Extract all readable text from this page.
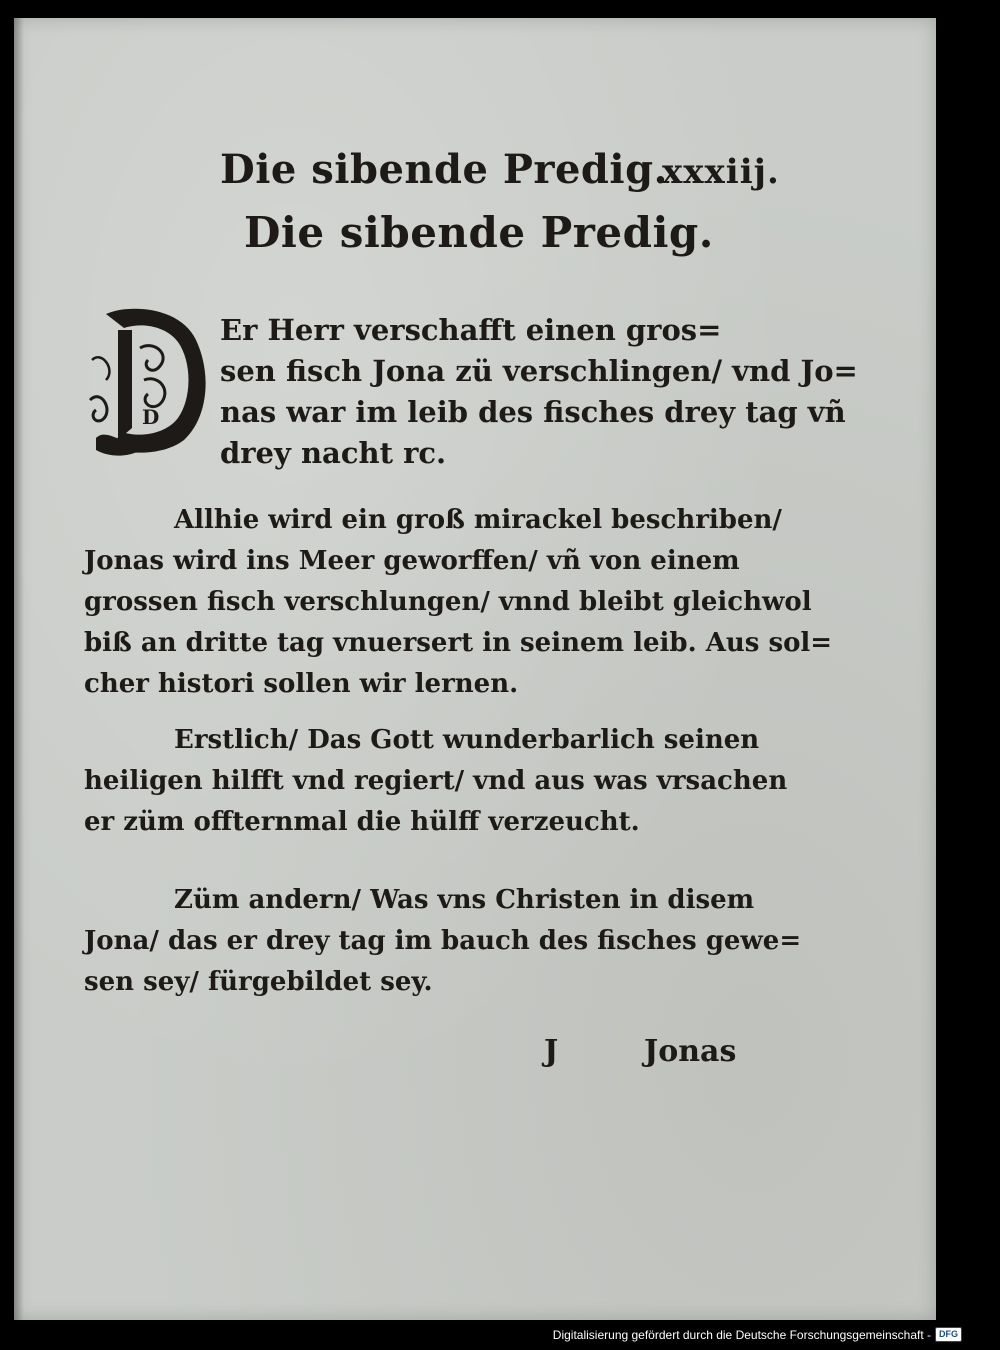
Die sibende Predig.
xxxiij.
Die sibende Predig.
D
Er Herr verschafft einen gros=
sen fisch Jona zü verschlingen/ vnd Jo=
nas war im leib des fisches drey tag vñ
drey nacht rc.
Allhie wird ein groß mirackel beschriben/
Jonas wird ins Meer geworffen/ vñ von einem
grossen fisch verschlungen/ vnnd bleibt gleichwol
biß an dritte tag vnuersert in seinem leib. Aus sol=
cher histori sollen wir lernen.
Erstlich/ Das Gott wunderbarlich seinen
heiligen hilfft vnd regiert/ vnd aus was vrsachen
er züm offternmal die hülff verzeucht.
Züm andern/ Was vns Christen in disem
Jona/ das er drey tag im bauch des fisches gewe=
sen sey/ fürgebildet sey.
J	Jonas
Digitalisierung gefördert durch die Deutsche Forschungsgemeinschaft - DFG
